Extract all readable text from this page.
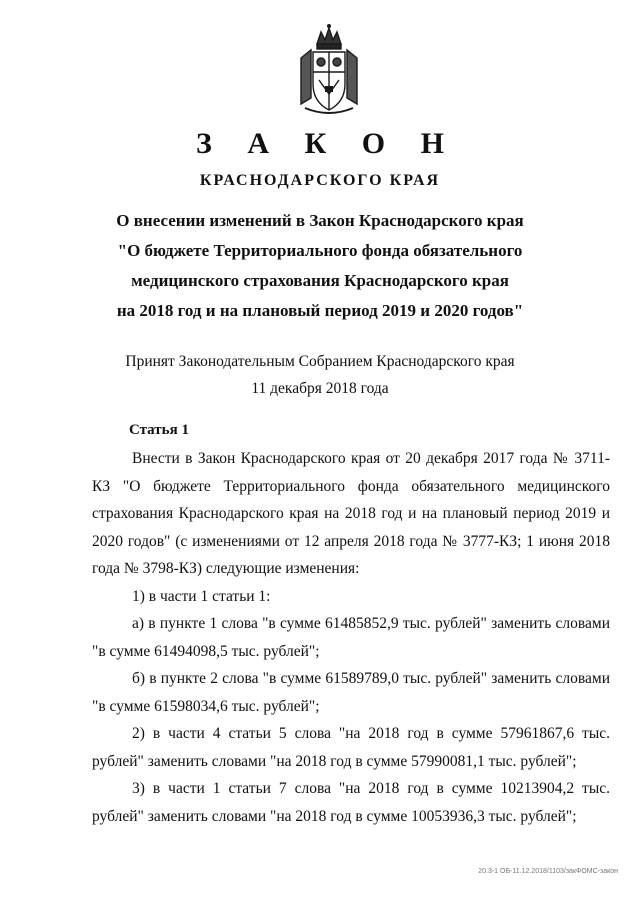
З А К О Н
КРАСНОДАРСКОГО КРАЯ
О внесении изменений в Закон Краснодарского края
"О бюджете Территориального фонда обязательного
медицинского страхования Краснодарского края
на 2018 год и на плановый период 2019 и 2020 годов"
Принят Законодательным Собранием Краснодарского края
11 декабря 2018 года
Статья 1

Внести в Закон Краснодарского края от 20 декабря 2017 года № 3711-КЗ "О бюджете Территориального фонда обязательного медицинского страхования Краснодарского края на 2018 год и на плановый период 2019 и 2020 годов" (с изменениями от 12 апреля 2018 года № 3777-КЗ; 1 июня 2018 года № 3798-КЗ) следующие изменения:

1) в части 1 статьи 1:

а) в пункте 1 слова "в сумме 61485852,9 тыс. рублей" заменить словами "в сумме 61494098,5 тыс. рублей";

б) в пункте 2 слова "в сумме 61589789,0 тыс. рублей" заменить словами "в сумме 61598034,6 тыс. рублей";

2) в части 4 статьи 5 слова "на 2018 год в сумме 57961867,6 тыс. рублей" заменить словами "на 2018 год в сумме 57990081,1 тыс. рублей";

3) в части 1 статьи 7 слова "на 2018 год в сумме 10213904,2 тыс. рублей" заменить словами "на 2018 год в сумме 10053936,3 тыс. рублей";

20.3-1 ОБ-11.12.2018/1103/закФОМС-закон
